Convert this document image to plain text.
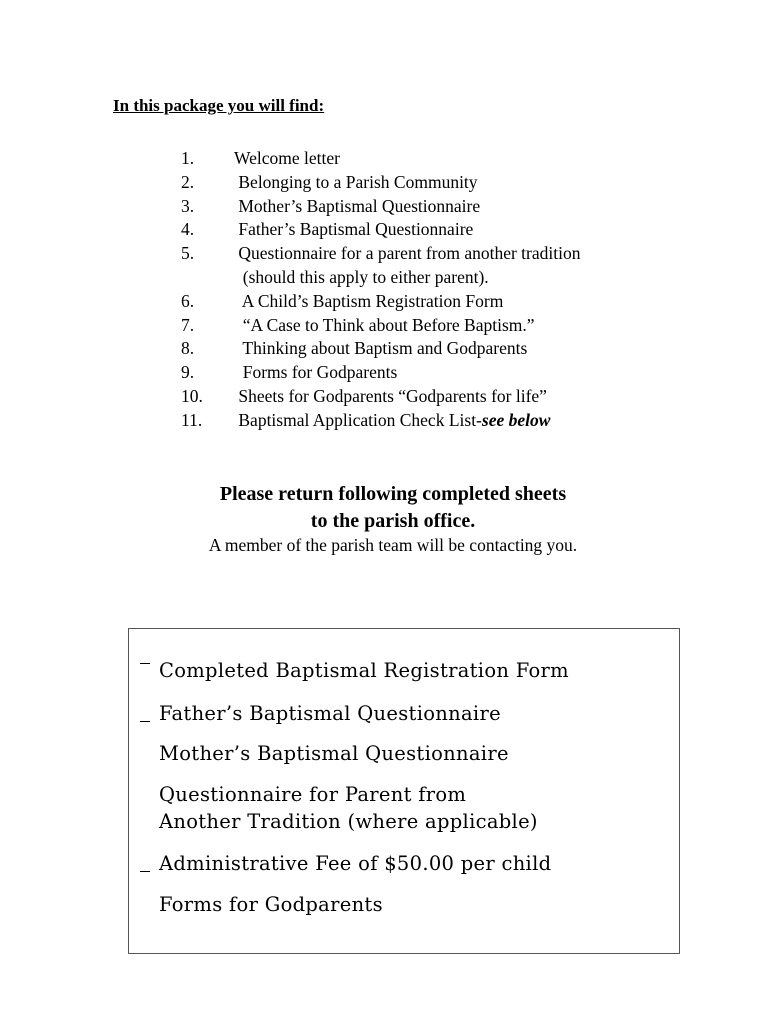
In this package you will find:
1.	Welcome letter
2.	Belonging to a Parish Community
3.	Mother’s Baptismal Questionnaire
4.	Father’s Baptismal Questionnaire
5.	Questionnaire for a parent from another tradition
(should this apply to either parent).
6.	A Child’s Baptism Registration Form
7.	“A Case to Think about Before Baptism.”
8.	Thinking about Baptism and Godparents
9.	Forms for Godparents
10.	Sheets for Godparents “Godparents for life”
11.	Baptismal Application Check List-see below
Please return following completed sheets
to the parish office.

A member of the parish team will be contacting you.

Completed Baptismal Registration Form
Father’s Baptismal Questionnaire
Mother’s Baptismal Questionnaire
Questionnaire for Parent from
Another Tradition (where applicable)
Administrative Fee of $50.00 per child
Forms for Godparents
